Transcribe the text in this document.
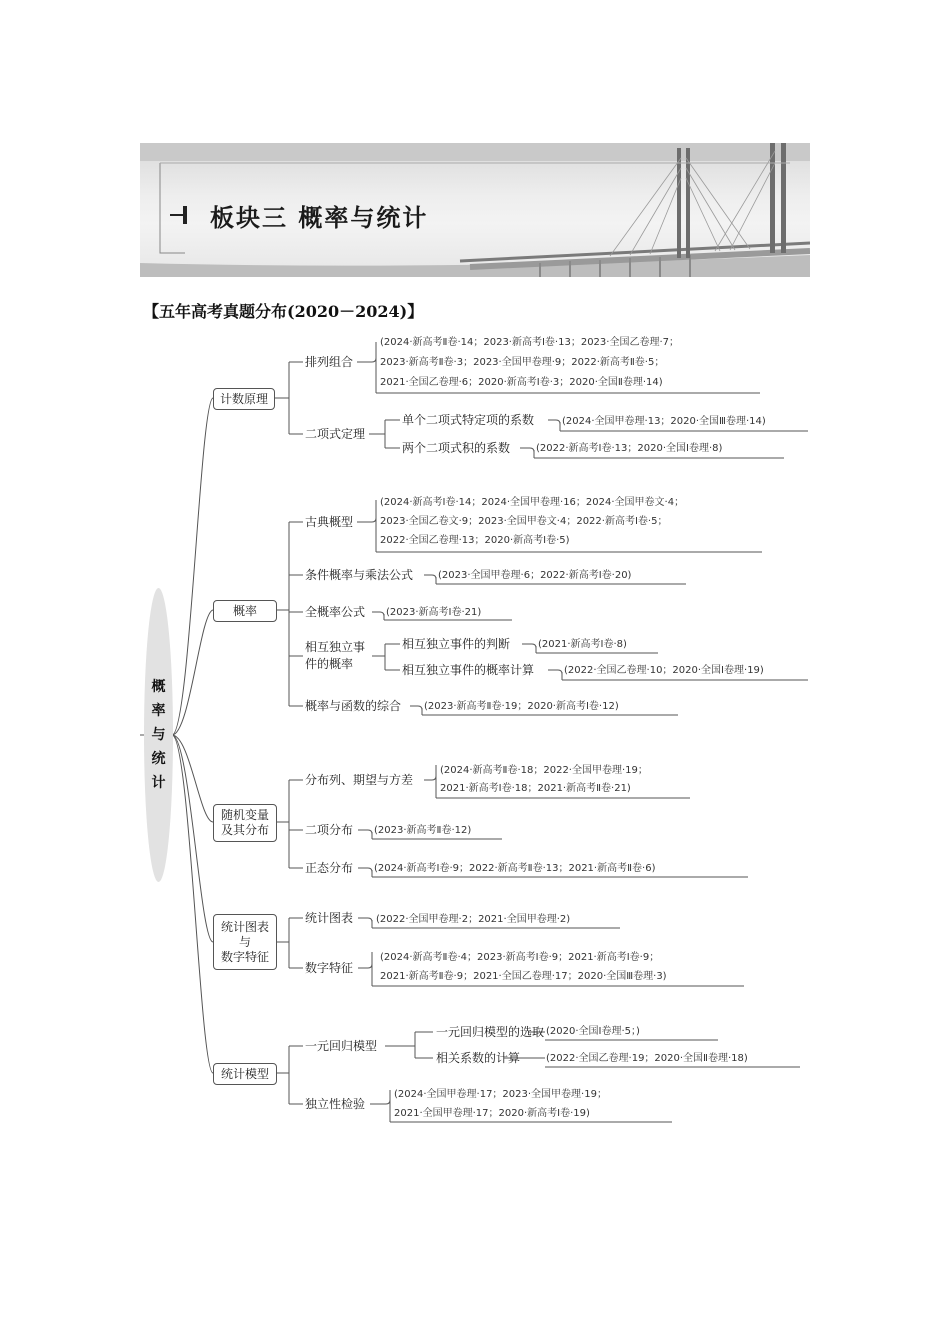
板块三 概率与统计
【五年高考真题分布(2020－2024)】
概
率
与
统
计
计数原理
排列组合
(2024·新高考Ⅱ卷·14；2023·新高考Ⅰ卷·13；2023·全国乙卷理·7；
2023·新高考Ⅱ卷·3；2023·全国甲卷理·9；2022·新高考Ⅱ卷·5；
2021·全国乙卷理·6；2020·新高考Ⅰ卷·3；2020·全国Ⅱ卷理·14)
二项式定理
单个二项式特定项的系数	(2024·全国甲卷理·13；2020·全国Ⅲ卷理·14)
两个二项式积的系数	(2022·新高考Ⅰ卷·13；2020·全国Ⅰ卷理·8)
概率
古典概型
(2024·新高考Ⅰ卷·14；2024·全国甲卷理·16；2024·全国甲卷文·4；
2023·全国乙卷文·9；2023·全国甲卷文·4；2022·新高考Ⅰ卷·5；
2022·全国乙卷理·13；2020·新高考Ⅰ卷·5)
条件概率与乘法公式 (2023·全国甲卷理·6；2022·新高考Ⅰ卷·20)
全概率公式 (2023·新高考Ⅰ卷·21)
相互独立事
件的概率
相互独立事件的判断	(2021·新高考Ⅰ卷·8)
相互独立事件的概率计算	(2022·全国乙卷理·10；2020·全国Ⅰ卷理·19)
概率与函数的综合 (2023·新高考Ⅱ卷·19；2020·新高考Ⅰ卷·12)
随机变量
及其分布
分布列、期望与方差
(2024·新高考Ⅱ卷·18；2022·全国甲卷理·19；
2021·新高考Ⅰ卷·18；2021·新高考Ⅱ卷·21)
二项分布 (2023·新高考Ⅱ卷·12)
正态分布 (2024·新高考Ⅰ卷·9；2022·新高考Ⅱ卷·13；2021·新高考Ⅱ卷·6)
统计图表
与
数字特征
统计图表 (2022·全国甲卷理·2；2021·全国甲卷理·2)
数字特征
(2024·新高考Ⅱ卷·4；2023·新高考Ⅰ卷·9；2021·新高考Ⅰ卷·9；
2021·新高考Ⅱ卷·9；2021·全国乙卷理·17；2020·全国Ⅲ卷理·3)
统计模型
一元回归模型
一元回归模型的选取 (2020·全国Ⅰ卷理·5；)
相关系数的计算	(2022·全国乙卷理·19；2020·全国Ⅱ卷理·18)
独立性检验
(2024·全国甲卷理·17；2023·全国甲卷理·19；
2021·全国甲卷理·17；2020·新高考Ⅰ卷·19)
